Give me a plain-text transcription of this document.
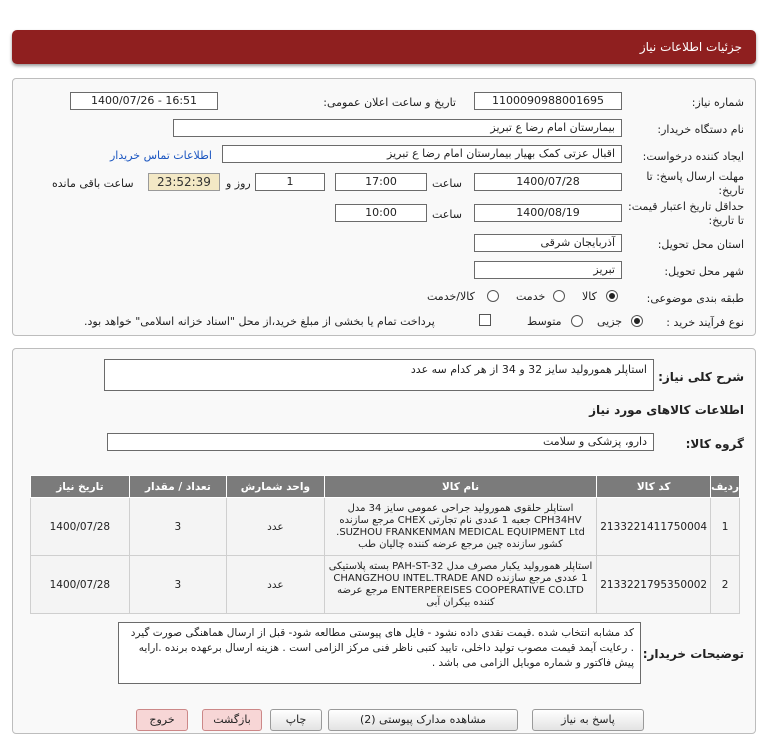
جزئیات اطلاعات نیاز
شماره نیاز:
1100090988001695
تاریخ و ساعت اعلان عمومی:
1400/07/26 - 16:51
نام دستگاه خریدار:
بیمارستان امام رضا ع تبریز
ایجاد کننده درخواست:
اقبال عزتی کمک بهیار بیمارستان امام رضا ع تبریز
اطلاعات تماس خریدار
مهلت ارسال پاسخ: تا تاریخ:
1400/07/28
ساعت
17:00
1
روز و
23:52:39
ساعت باقی مانده
حداقل تاریخ اعتبار قیمت: تا تاریخ:
1400/08/19
ساعت
10:00
استان محل تحویل:
آذربایجان شرقی
شهر محل تحویل:
تبریز
طبقه بندی موضوعی:
کالا
خدمت
کالا/خدمت
نوع فرآیند خرید :
جزیی
متوسط
پرداخت تمام یا بخشی از مبلغ خرید،از محل "اسناد خزانه اسلامی" خواهد بود.
شرح کلی نیاز:
استاپلر همورولید سایز 32 و 34 از هر کدام سه عدد
اطلاعات کالاهای مورد نیاز
گروه کالا:
دارو، پزشکی و سلامت
ردیف	کد کالا	نام کالا	واحد شمارش	تعداد / مقدار	تاریخ نیاز
1	2133221411750004	استاپلر حلقوی همورولید جراحی عمومی سایز 34 مدل CPH34HV جعبه 1 عددی نام تجارتی CHEX مرجع سازنده SUZHOU FRANKENMAN MEDICAL EQUIPMENT Ltd. کشور سازنده چین مرجع عرضه کننده چالیان طب	عدد	3	1400/07/28
2	2133221795350002	استاپلر همورولید یکبار مصرف مدل PAH-ST-32 بسته پلاستیکی 1 عددی مرجع سازنده CHANGZHOU INTEL.TRADE AND ENTERPEREISES COOPERATIVE CO.LTD مرجع عرضه کننده بیکران آبی	عدد	3	1400/07/28
توضیحات خریدار:
کد مشابه انتخاب شده .قیمت نقدی داده نشود - فایل های پیوستی مطالعه شود- قبل از ارسال هماهنگی صورت گیرد . رعایت آیمد قیمت مصوب تولید داخلی، تایید کتبی ناظر فنی مرکز الزامی است . هزینه ارسال برعهده برنده .ارایه پیش فاکتور و شماره موبایل الزامی می باشد .
پاسخ به نیاز
مشاهده مدارک پیوستی (2)
چاپ
بازگشت
خروج
